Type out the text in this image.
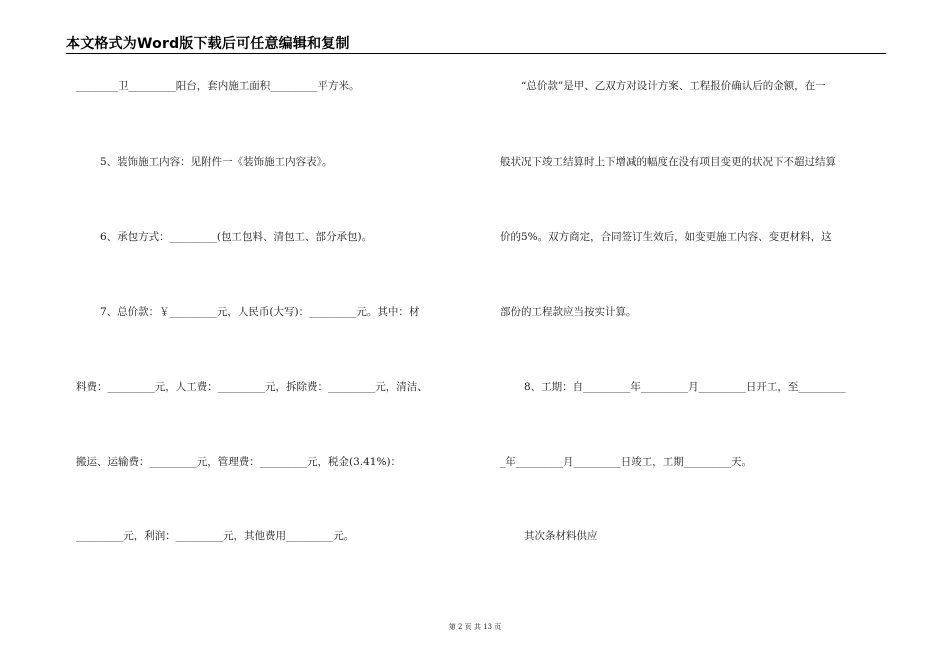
本文格式为Word版下载后可任意编辑和复制
________卫_________阳台，套内施工面积_________平方米。
5、装饰施工内容：见附件一《装饰施工内容表》。
6、承包方式：_________(包工包料、清包工、部分承包)。
7、总价款：￥_________元，人民币(大写)：_________元。其中：材
料费：_________元，人工费：_________元，拆除费：_________元，清洁、
搬运、运输费：_________元，管理费：_________元，税金(3.41%)：
_________元，利润：_________元，其他费用_________元。
“总价款”是甲、乙双方对设计方案、工程报价确认后的金额，在一
般状况下竣工结算时上下增减的幅度在没有项目变更的状况下不超过结算
价的5%。双方商定，合同签订生效后，如变更施工内容、变更材料，这
部份的工程款应当按实计算。
8、工期：自_________年_________月_________日开工，至_________
_年_________月_________日竣工，工期_________天。
其次条材料供应
第 2 页 共 13 页
